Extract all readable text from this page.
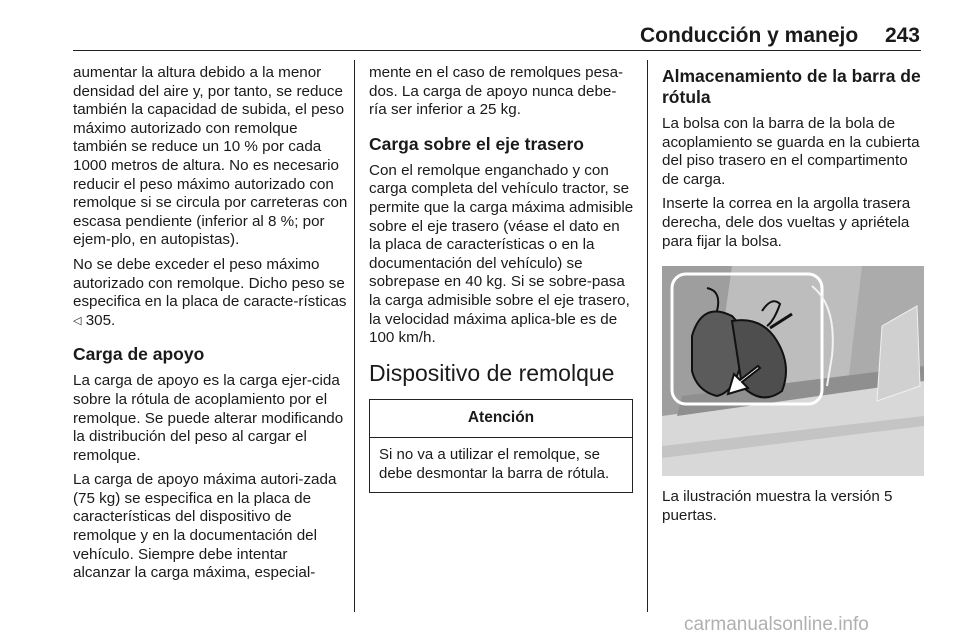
Conducción y manejo	243

aumentar la altura debido a la menor densidad del aire y, por tanto, se reduce también la capacidad de subida, el peso máximo autorizado con remolque también se reduce un 10 % por cada 1000 metros de altura. No es necesario reducir el peso máximo autorizado con remolque si se circula por carreteras con escasa pendiente (inferior al 8 %; por ejem-plo, en autopistas).

No se debe exceder el peso máximo autorizado con remolque. Dicho peso se especifica en la placa de caracte-rísticas ◁ 305.

Carga de apoyo

La carga de apoyo es la carga ejer-cida sobre la rótula de acoplamiento por el remolque. Se puede alterar modificando la distribución del peso al cargar el remolque.

La carga de apoyo máxima autori-zada (75 kg) se especifica en la placa de características del dispositivo de remolque y en la documentación del vehículo. Siempre debe intentar alcanzar la carga máxima, especial-

mente en el caso de remolques pesa-dos. La carga de apoyo nunca debe-ría ser inferior a 25 kg.

Carga sobre el eje trasero

Con el remolque enganchado y con carga completa del vehículo tractor, se permite que la carga máxima admisible sobre el eje trasero (véase el dato en la placa de características o en la documentación del vehículo) se sobrepase en 40 kg. Si se sobre-pasa la carga admisible sobre el eje trasero, la velocidad máxima aplica-ble es de 100 km/h.

Dispositivo de remolque
Atención
Si no va a utilizar el remolque, se debe desmontar la barra de rótula.
Almacenamiento de la barra de rótula

La bolsa con la barra de la bola de acoplamiento se guarda en la cubierta del piso trasero en el compartimento de carga.

Inserte la correa en la argolla trasera derecha, dele dos vueltas y apriétela para fijar la bolsa.

La ilustración muestra la versión 5 puertas.

carmanualsonline.info
